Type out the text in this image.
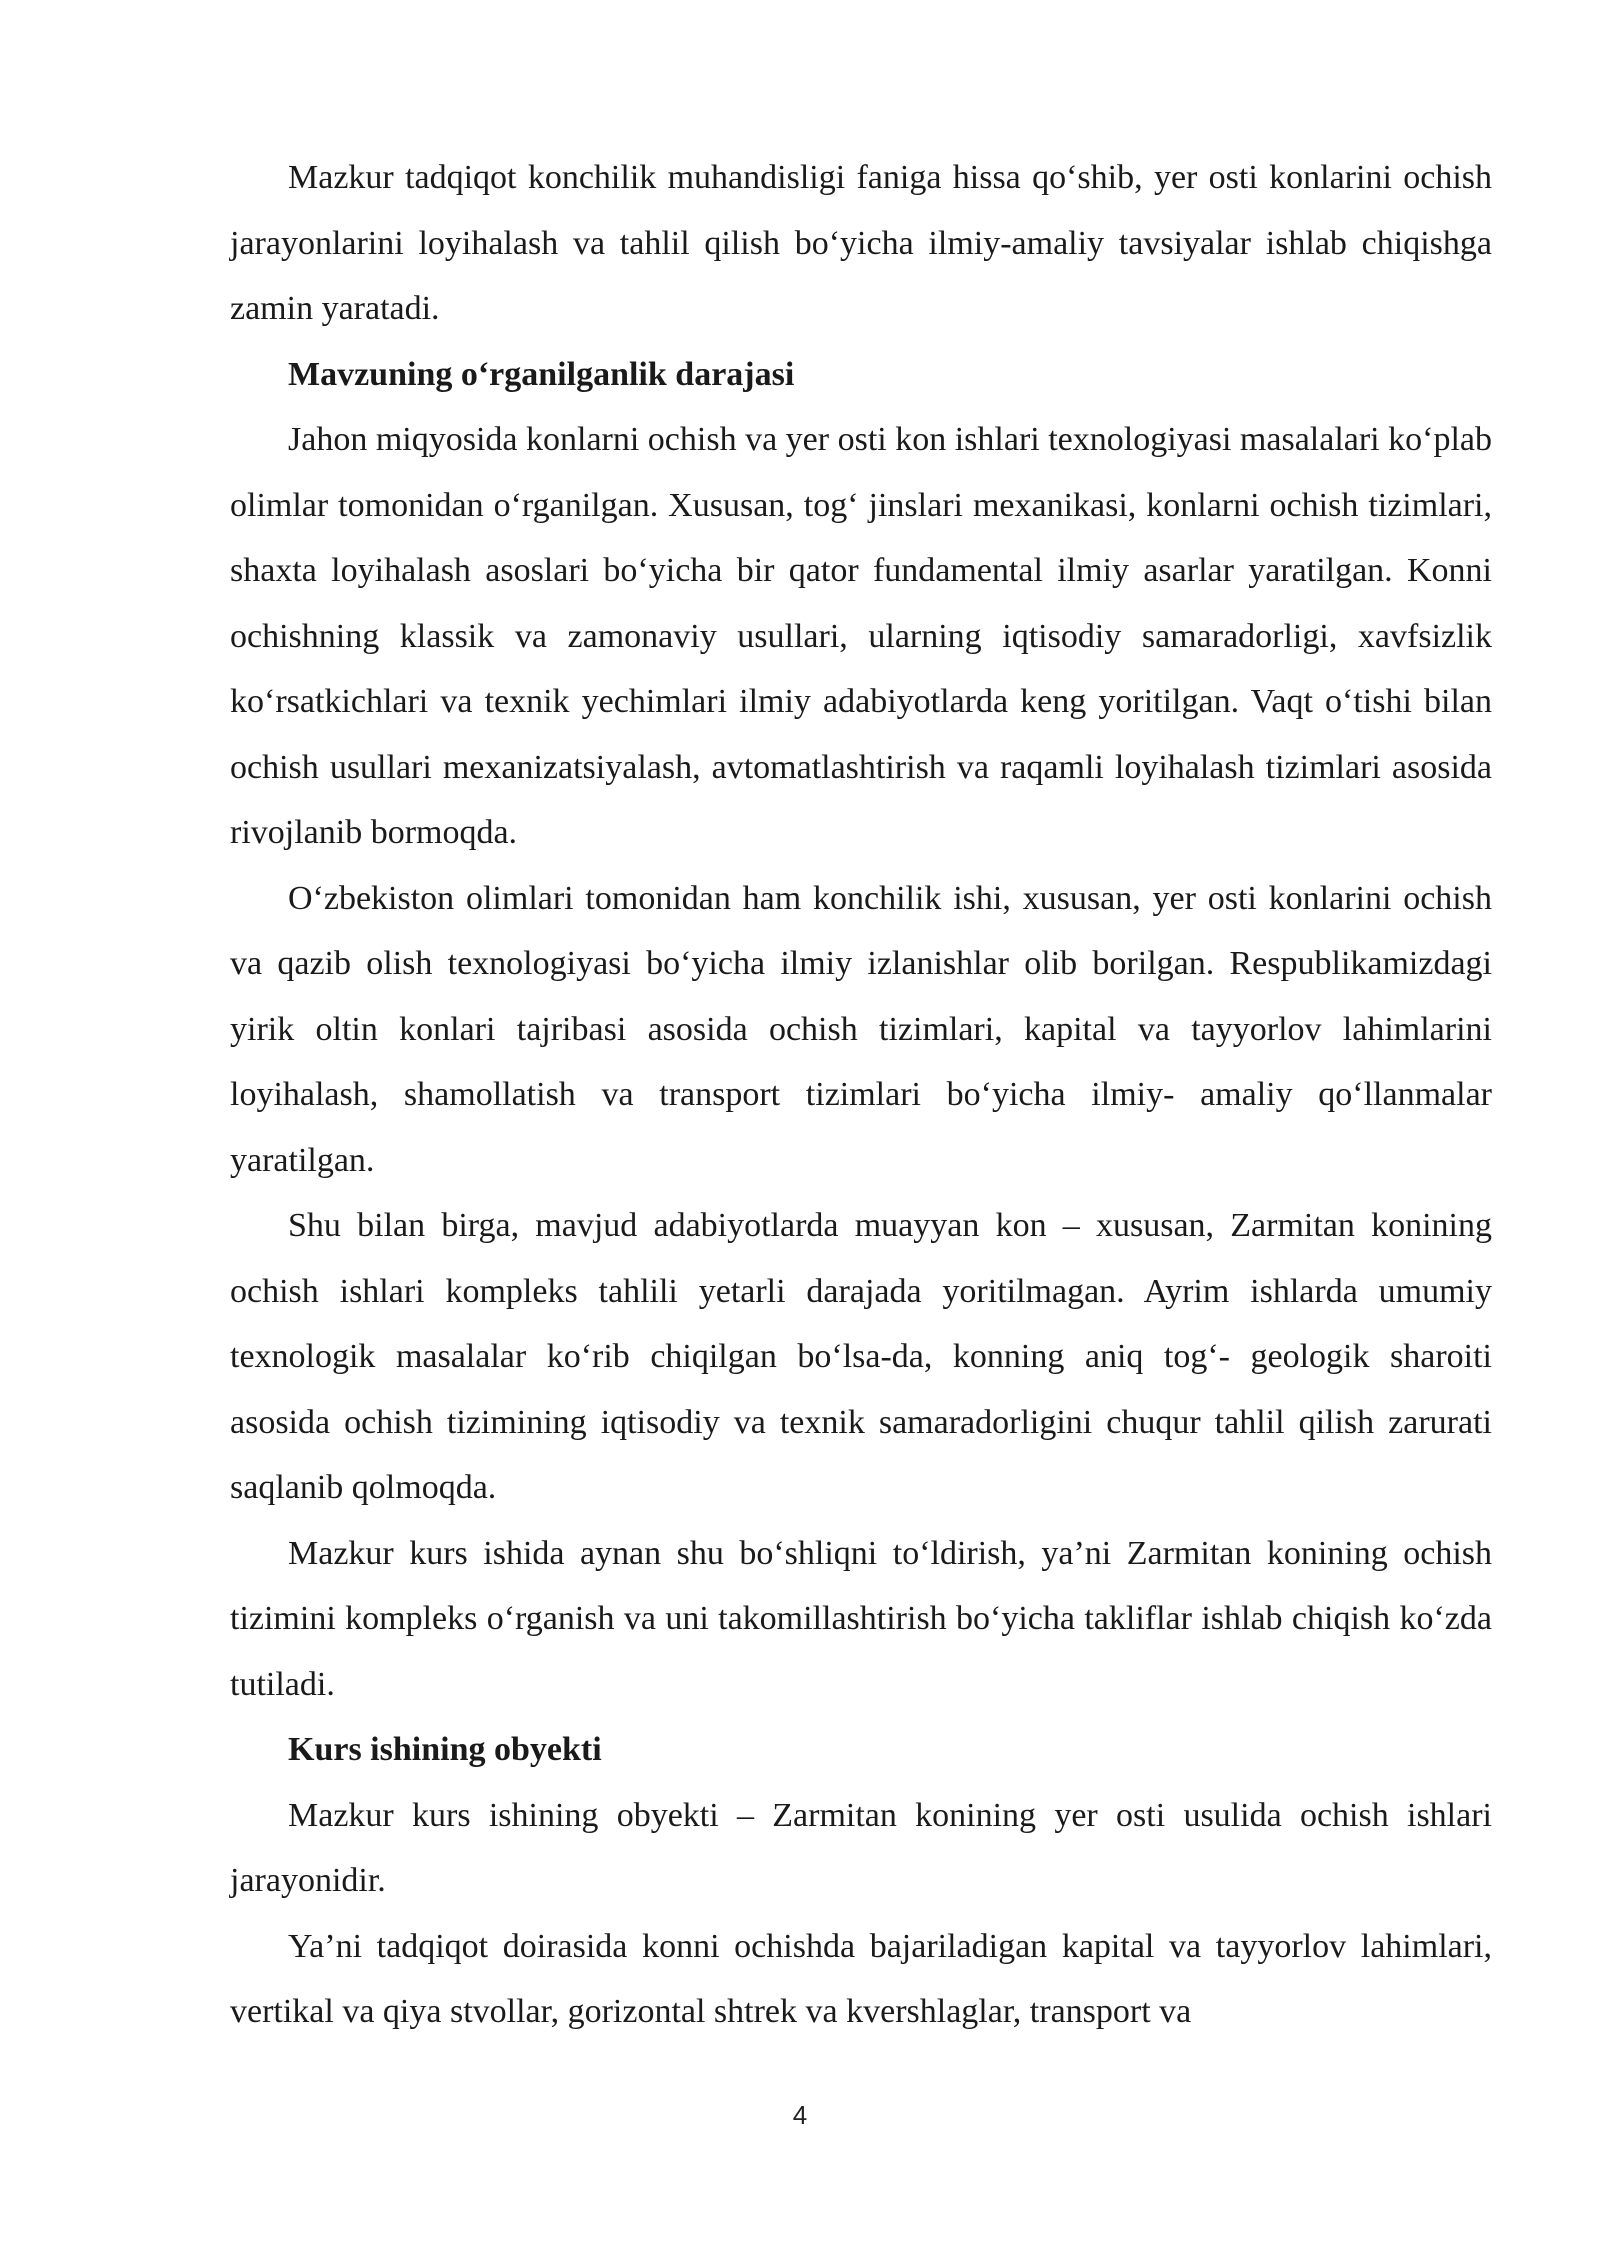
Mazkur tadqiqot konchilik muhandisligi faniga hissa qo‘shib, yer osti konlarini ochish jarayonlarini loyihalash va tahlil qilish bo‘yicha ilmiy-amaliy tavsiyalar ishlab chiqishga zamin yaratadi.

Mavzuning o‘rganilganlik darajasi

Jahon miqyosida konlarni ochish va yer osti kon ishlari texnologiyasi masalalari ko‘plab olimlar tomonidan o‘rganilgan. Xususan, tog‘ jinslari mexanikasi, konlarni ochish tizimlari, shaxta loyihalash asoslari bo‘yicha bir qator fundamental ilmiy asarlar yaratilgan. Konni ochishning klassik va zamonaviy usullari, ularning iqtisodiy samaradorligi, xavfsizlik ko‘rsatkichlari va texnik yechimlari ilmiy adabiyotlarda keng yoritilgan. Vaqt o‘tishi bilan ochish usullari mexanizatsiyalash, avtomatlashtirish va raqamli loyihalash tizimlari asosida rivojlanib bormoqda.

O‘zbekiston olimlari tomonidan ham konchilik ishi, xususan, yer osti konlarini ochish va qazib olish texnologiyasi bo‘yicha ilmiy izlanishlar olib borilgan. Respublikamizdagi yirik oltin konlari tajribasi asosida ochish tizimlari, kapital va tayyorlov lahimlarini loyihalash, shamollatish va transport tizimlari bo‘yicha ilmiy- amaliy qo‘llanmalar yaratilgan.

Shu bilan birga, mavjud adabiyotlarda muayyan kon – xususan, Zarmitan konining ochish ishlari kompleks tahlili yetarli darajada yoritilmagan. Ayrim ishlarda umumiy texnologik masalalar ko‘rib chiqilgan bo‘lsa-da, konning aniq tog‘- geologik sharoiti asosida ochish tizimining iqtisodiy va texnik samaradorligini chuqur tahlil qilish zarurati saqlanib qolmoqda.

Mazkur kurs ishida aynan shu bo‘shliqni to‘ldirish, ya’ni Zarmitan konining ochish tizimini kompleks o‘rganish va uni takomillashtirish bo‘yicha takliflar ishlab chiqish ko‘zda tutiladi.

Kurs ishining obyekti

Mazkur kurs ishining obyekti – Zarmitan konining yer osti usulida ochish ishlari jarayonidir.

Ya’ni tadqiqot doirasida konni ochishda bajariladigan kapital va tayyorlov lahimlari, vertikal va qiya stvollar, gorizontal shtrek va kvershlaglar, transport va

4
